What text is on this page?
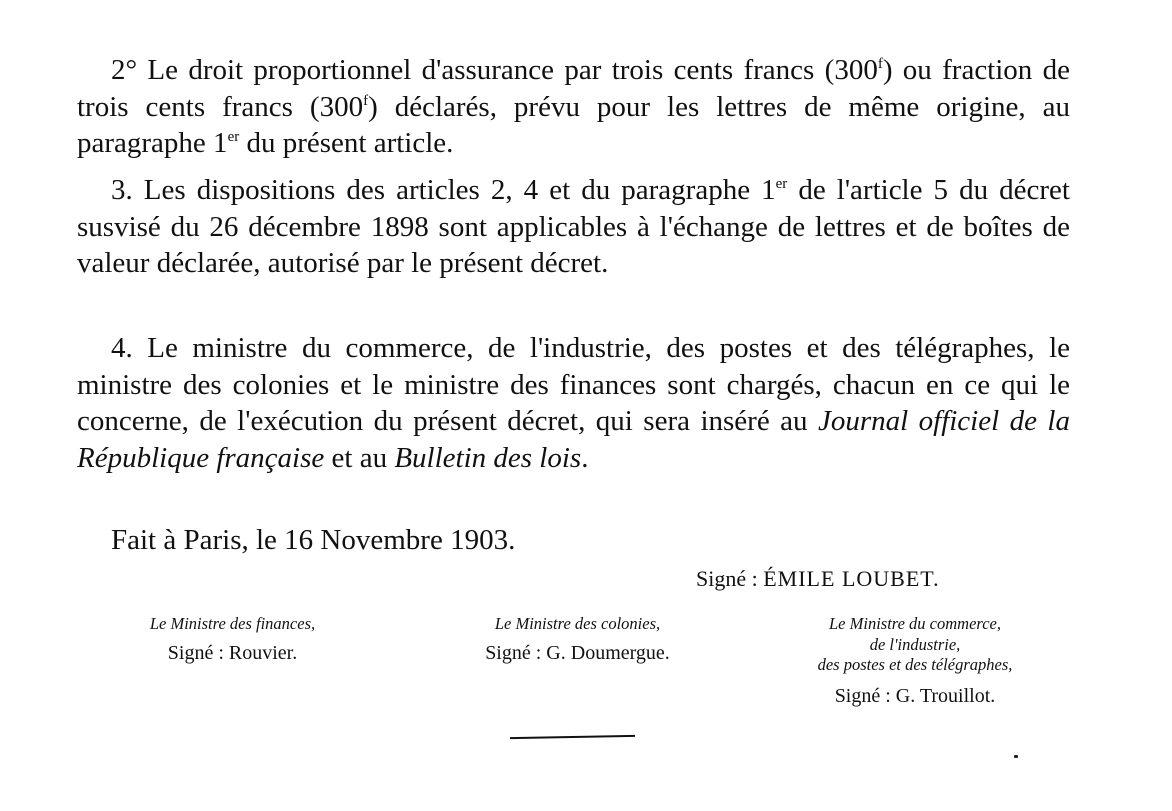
2° Le droit proportionnel d'assurance par trois cents francs (300$^f$) ou fraction de trois cents francs (300$^f$) déclarés, prévu pour les lettres de même origine, au paragraphe 1er du présent article.

3. Les dispositions des articles 2, 4 et du paragraphe 1er de l'article 5 du décret susvisé du 26 décembre 1898 sont applicables à l'échange de lettres et de boîtes de valeur déclarée, autorisé par le présent décret.

4. Le ministre du commerce, de l'industrie, des postes et des télégraphes, le ministre des colonies et le ministre des finances sont chargés, chacun en ce qui le concerne, de l'exécution du présent décret, qui sera inséré au Journal officiel de la République française et au Bulletin des lois.

Fait à Paris, le 16 Novembre 1903.
Signé : ÉMILE LOUBET.
Le Ministre des finances,
Signé : Rouvier.
Le Ministre des colonies,
Signé : G. Doumergue.
Le Ministre du commerce,
de l'industrie,
des postes et des télégraphes,
Signé : G. Trouillot.
